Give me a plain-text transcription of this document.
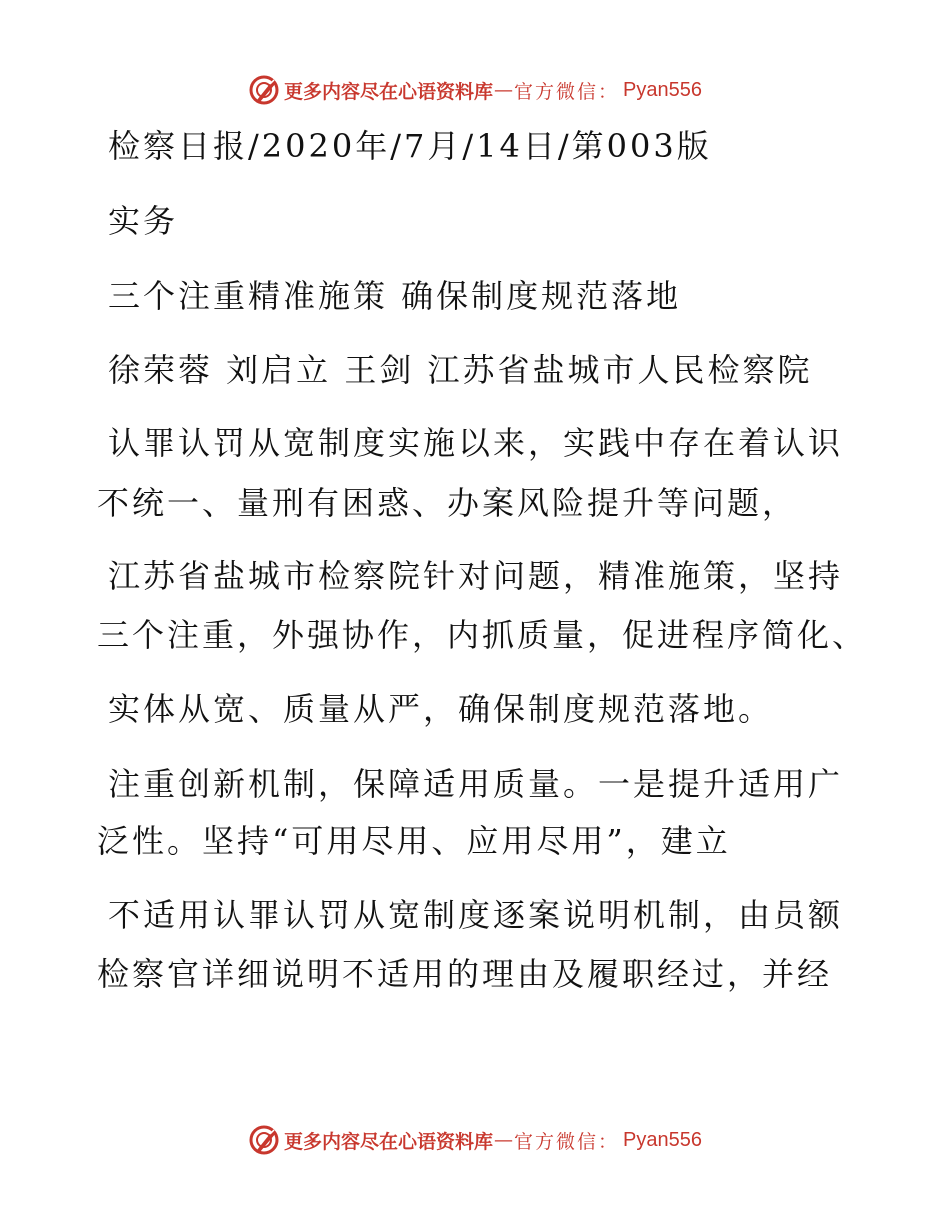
更多内容尽在心语资料库 — 官方微信： Pyan556
检察日报/2020年/7月/14日/第003版
实务
三个注重精准施策 确保制度规范落地
徐荣蓉 刘启立 王剑 江苏省盐城市人民检察院
认罪认罚从宽制度实施以来，实践中存在着认识
不统一、量刑有困惑、办案风险提升等问题，
江苏省盐城市检察院针对问题，精准施策，坚持
三个注重，外强协作，内抓质量，促进程序简化、
实体从宽、质量从严，确保制度规范落地。
注重创新机制，保障适用质量。一是提升适用广
泛性。坚持“可用尽用、应用尽用”，建立
不适用认罪认罚从宽制度逐案说明机制，由员额
检察官详细说明不适用的理由及履职经过，并经
更多内容尽在心语资料库 — 官方微信： Pyan556
